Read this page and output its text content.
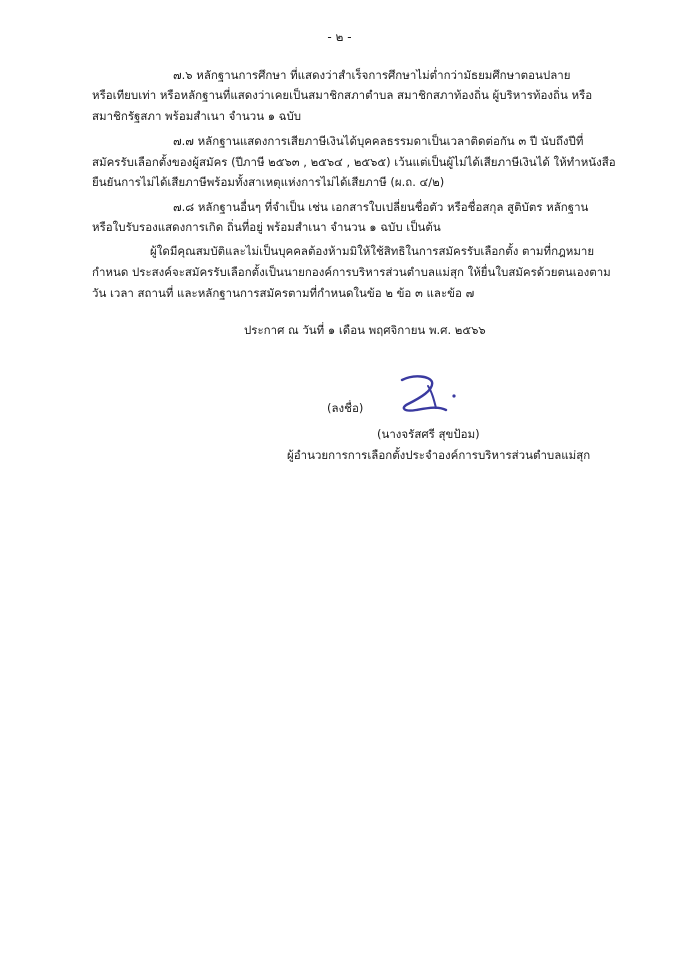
- ๒ -
๗.๖ หลักฐานการศึกษา ที่แสดงว่าสำเร็จการศึกษาไม่ต่ำกว่ามัธยมศึกษาตอนปลาย
หรือเทียบเท่า หรือหลักฐานที่แสดงว่าเคยเป็นสมาชิกสภาตำบล สมาชิกสภาท้องถิ่น ผู้บริหารท้องถิ่น หรือ
สมาชิกรัฐสภา พร้อมสำเนา จำนวน ๑ ฉบับ
๗.๗ หลักฐานแสดงการเสียภาษีเงินได้บุคคลธรรมดาเป็นเวลาติดต่อกัน ๓ ปี นับถึงปีที่
สมัครรับเลือกตั้งของผู้สมัคร (ปีภาษี ๒๕๖๓ , ๒๕๖๔ , ๒๕๖๕) เว้นแต่เป็นผู้ไม่ได้เสียภาษีเงินได้ ให้ทำหนังสือ
ยืนยันการไม่ได้เสียภาษีพร้อมทั้งสาเหตุแห่งการไม่ได้เสียภาษี (ผ.ถ. ๔/๒)
๗.๘ หลักฐานอื่นๆ ที่จำเป็น เช่น เอกสารใบเปลี่ยนชื่อตัว หรือชื่อสกุล สูติบัตร หลักฐาน
หรือใบรับรองแสดงการเกิด ถิ่นที่อยู่ พร้อมสำเนา จำนวน ๑ ฉบับ เป็นต้น
ผู้ใดมีคุณสมบัติและไม่เป็นบุคคลต้องห้ามมิให้ใช้สิทธิในการสมัครรับเลือกตั้ง ตามที่กฎหมาย
กำหนด ประสงค์จะสมัครรับเลือกตั้งเป็นนายกองค์การบริหารส่วนตำบลแม่สุก ให้ยื่นใบสมัครด้วยตนเองตาม
วัน เวลา สถานที่ และหลักฐานการสมัครตามที่กำหนดในข้อ ๒ ข้อ ๓ และข้อ ๗
ประกาศ ณ วันที่ ๑ เดือน พฤศจิกายน พ.ศ. ๒๕๖๖
(ลงชื่อ)
(นางจรัสศรี สุขป้อม)
ผู้อำนวยการการเลือกตั้งประจำองค์การบริหารส่วนตำบลแม่สุก
